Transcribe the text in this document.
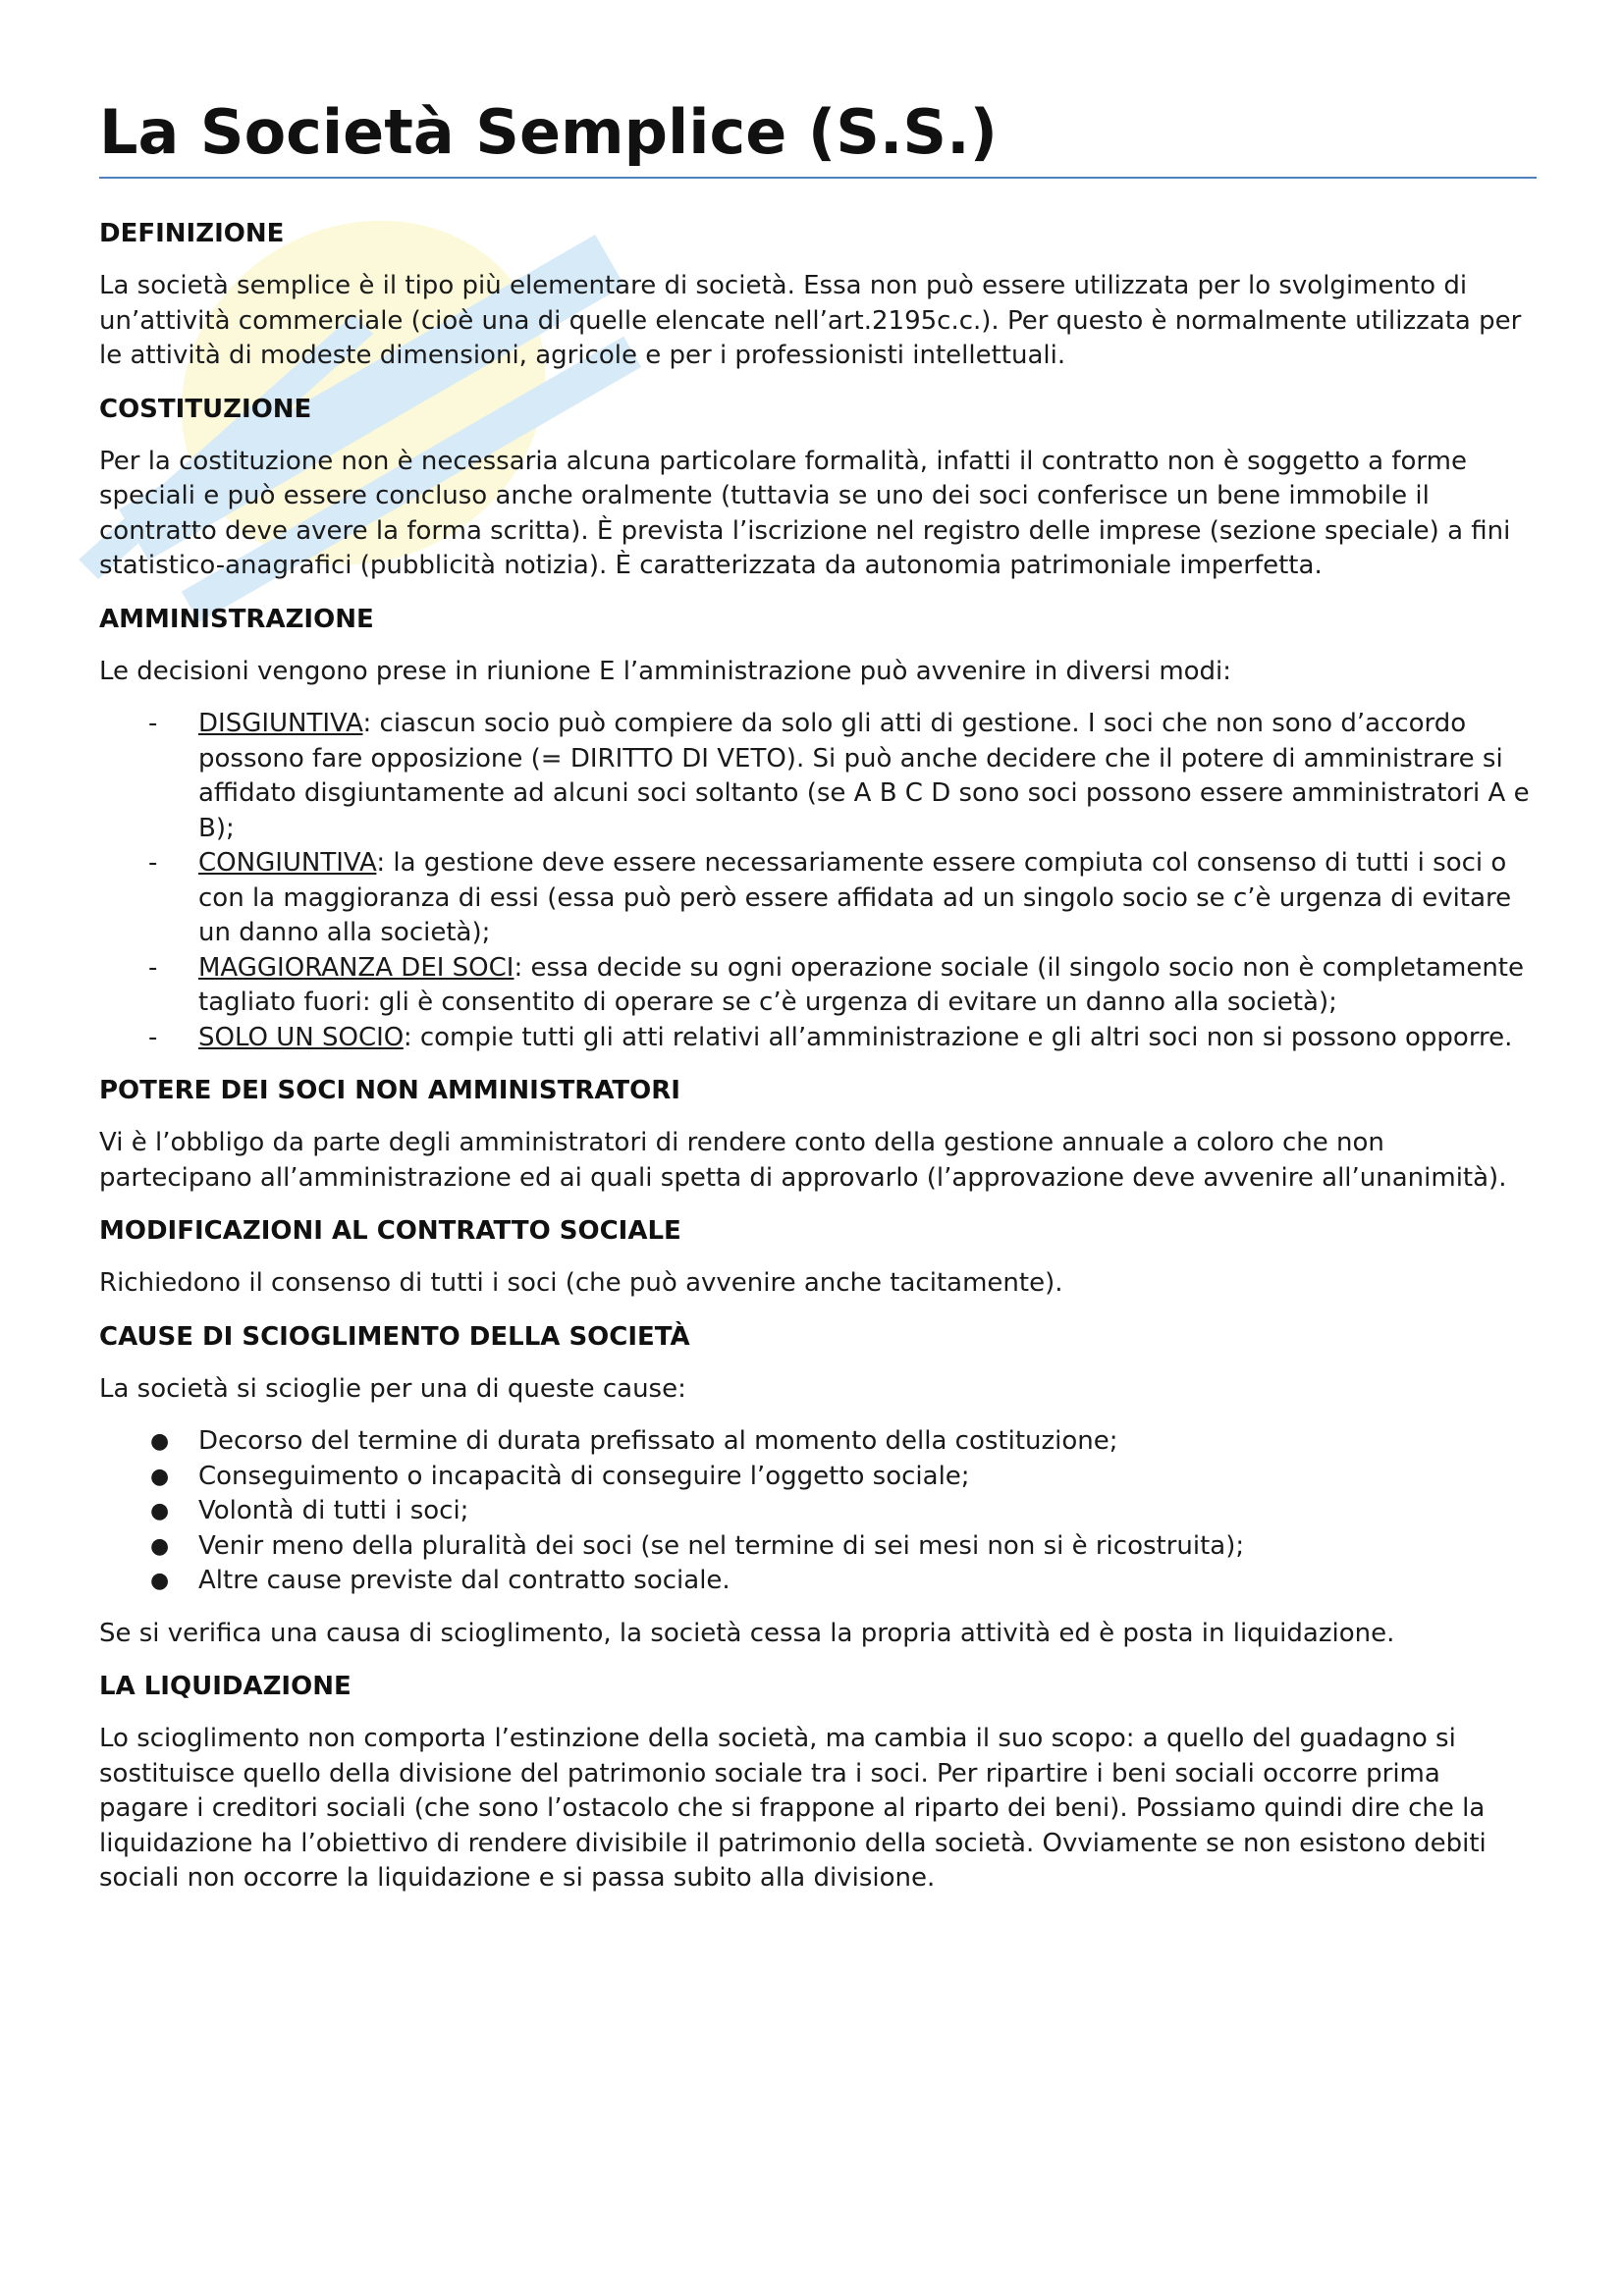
La Società Semplice (S.S.)
DEFINIZIONE

La società semplice è il tipo più elementare di società. Essa non può essere utilizzata per lo svolgimento di un’attività commerciale (cioè una di quelle elencate nell’art.2195c.c.). Per questo è normalmente utilizzata per le attività di modeste dimensioni, agricole e per i professionisti intellettuali.

COSTITUZIONE

Per la costituzione non è necessaria alcuna particolare formalità, infatti il contratto non è soggetto a forme speciali e può essere concluso anche oralmente (tuttavia se uno dei soci conferisce un bene immobile il contratto deve avere la forma scritta). È prevista l’iscrizione nel registro delle imprese (sezione speciale) a fini statistico-anagrafici (pubblicità notizia). È caratterizzata da autonomia patrimoniale imperfetta.

AMMINISTRAZIONE

Le decisioni vengono prese in riunione E l’amministrazione può avvenire in diversi modi:

-	DISGIUNTIVA: ciascun socio può compiere da solo gli atti di gestione. I soci che non sono d’accordo possono fare opposizione (= DIRITTO DI VETO). Si può anche decidere che il potere di amministrare si affidato disgiuntamente ad alcuni soci soltanto (se A B C D sono soci possono essere amministratori A e B);
-	CONGIUNTIVA: la gestione deve essere necessariamente essere compiuta col consenso di tutti i soci o con la maggioranza di essi (essa può però essere affidata ad un singolo socio se c’è urgenza di evitare un danno alla società);
-	MAGGIORANZA DEI SOCI: essa decide su ogni operazione sociale (il singolo socio non è completamente tagliato fuori: gli è consentito di operare se c’è urgenza di evitare un danno alla società);
-	SOLO UN SOCIO: compie tutti gli atti relativi all’amministrazione e gli altri soci non si possono opporre.
POTERE DEI SOCI NON AMMINISTRATORI

Vi è l’obbligo da parte degli amministratori di rendere conto della gestione annuale a coloro che non partecipano all’amministrazione ed ai quali spetta di approvarlo (l’approvazione deve avvenire all’unanimità).

MODIFICAZIONI AL CONTRATTO SOCIALE

Richiedono il consenso di tutti i soci (che può avvenire anche tacitamente).

CAUSE DI SCIOGLIMENTO DELLA SOCIETÀ

La società si scioglie per una di queste cause:

●	Decorso del termine di durata prefissato al momento della costituzione;
●	Conseguimento o incapacità di conseguire l’oggetto sociale;
●	Volontà di tutti i soci;
●	Venir meno della pluralità dei soci (se nel termine di sei mesi non si è ricostruita);
●	Altre cause previste dal contratto sociale.

Se si verifica una causa di scioglimento, la società cessa la propria attività ed è posta in liquidazione.

LA LIQUIDAZIONE

Lo scioglimento non comporta l’estinzione della società, ma cambia il suo scopo: a quello del guadagno si sostituisce quello della divisione del patrimonio sociale tra i soci. Per ripartire i beni sociali occorre prima pagare i creditori sociali (che sono l’ostacolo che si frappone al riparto dei beni). Possiamo quindi dire che la liquidazione ha l’obiettivo di rendere divisibile il patrimonio della società. Ovviamente se non esistono debiti sociali non occorre la liquidazione e si passa subito alla divisione.
